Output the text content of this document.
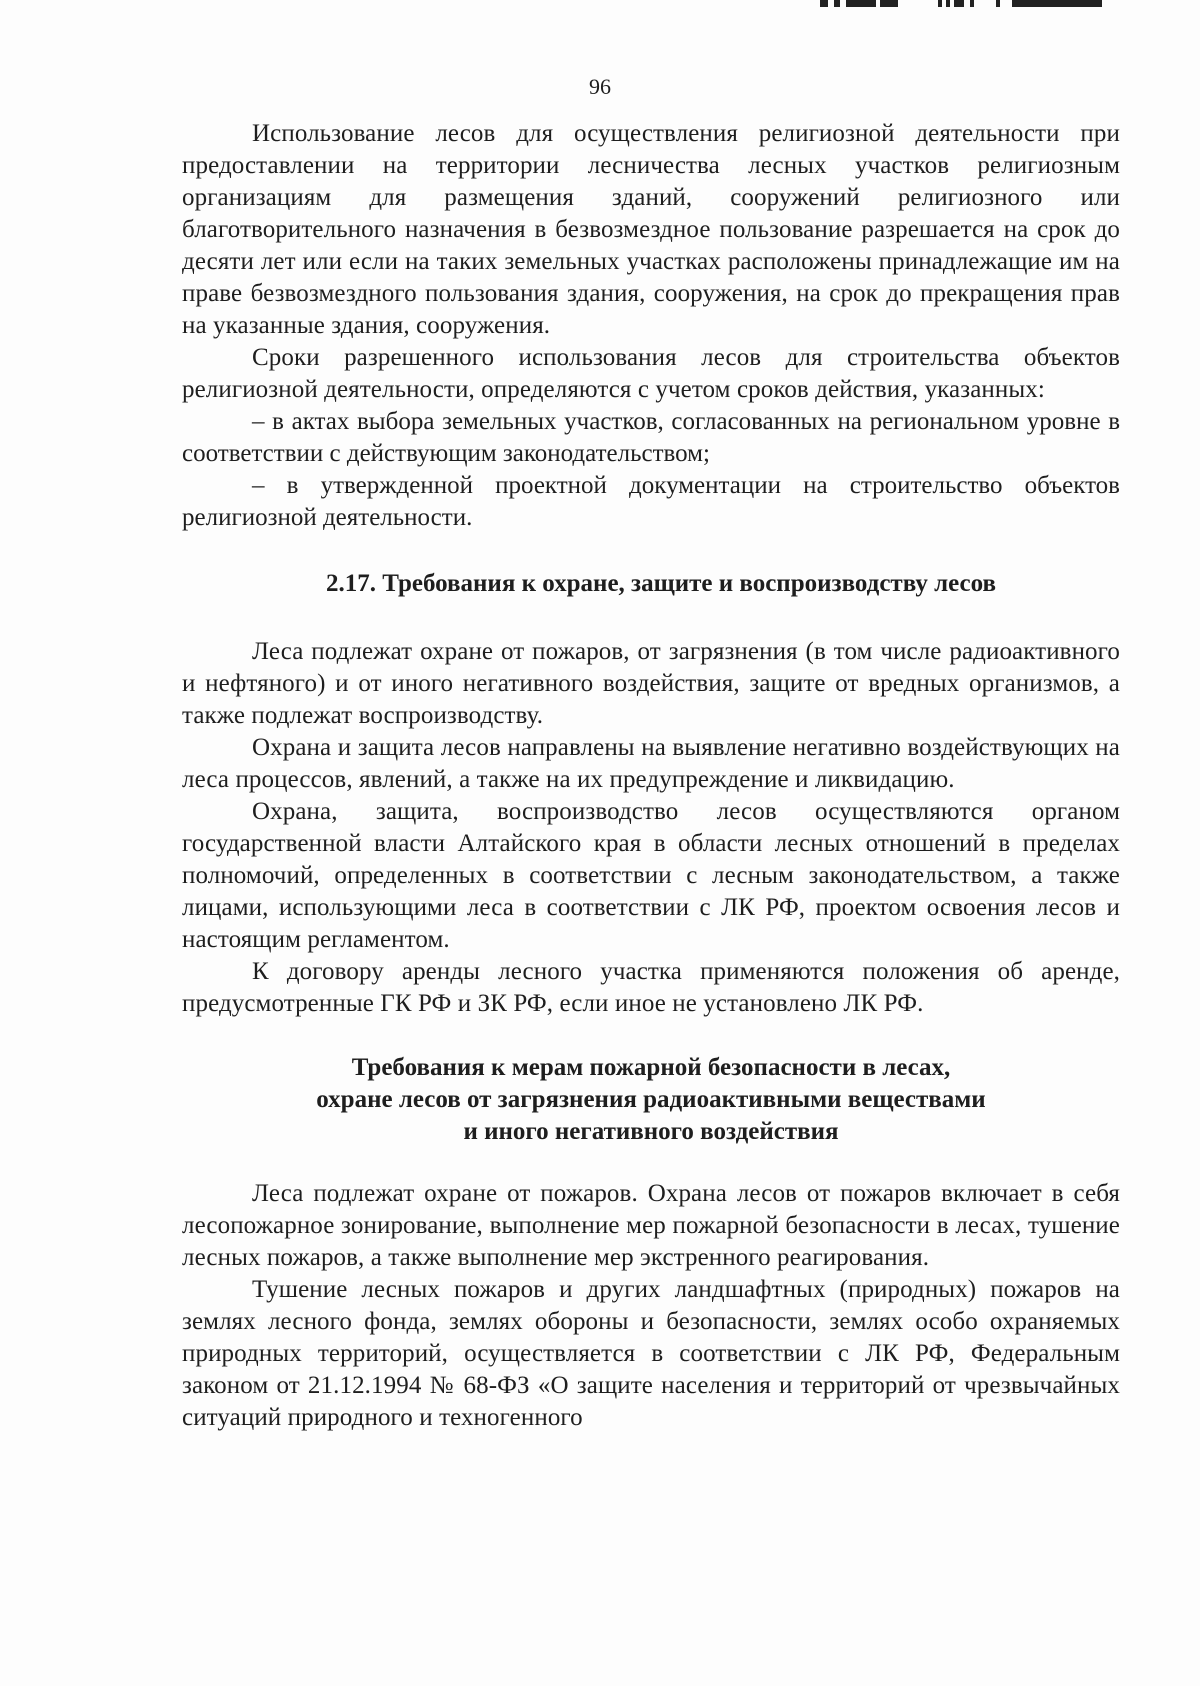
96

Использование лесов для осуществления религиозной деятельности при предоставлении на территории лесничества лесных участков религиозным организациям для размещения зданий, сооружений религиозного или благотворительного назначения в безвозмездное пользование разрешается на срок до десяти лет или если на таких земельных участках расположены принадлежащие им на праве безвозмездного пользования здания, сооружения, на срок до прекращения прав на указанные здания, сооружения.

Сроки разрешенного использования лесов для строительства объектов религиозной деятельности, определяются с учетом сроков действия, указанных:

– в актах выбора земельных участков, согласованных на региональном уровне в соответствии с действующим законодательством;

– в утвержденной проектной документации на строительство объектов религиозной деятельности.

2.17. Требования к охране, защите и воспроизводству лесов

Леса подлежат охране от пожаров, от загрязнения (в том числе радиоактивного и нефтяного) и от иного негативного воздействия, защите от вредных организмов, а также подлежат воспроизводству.

Охрана и защита лесов направлены на выявление негативно воздействующих на леса процессов, явлений, а также на их предупреждение и ликвидацию.

Охрана, защита, воспроизводство лесов осуществляются органом государственной власти Алтайского края в области лесных отношений в пределах полномочий, определенных в соответствии с лесным законодательством, а также лицами, использующими леса в соответствии с ЛК РФ, проектом освоения лесов и настоящим регламентом.

К договору аренды лесного участка применяются положения об аренде, предусмотренные ГК РФ и ЗК РФ, если иное не установлено ЛК РФ.

Требования к мерам пожарной безопасности в лесах,
охране лесов от загрязнения радиоактивными веществами
и иного негативного воздействия

Леса подлежат охране от пожаров. Охрана лесов от пожаров включает в себя лесопожарное зонирование, выполнение мер пожарной безопасности в лесах, тушение лесных пожаров, а также выполнение мер экстренного реагирования.

Тушение лесных пожаров и других ландшафтных (природных) пожаров на землях лесного фонда, землях обороны и безопасности, землях особо охраняемых природных территорий, осуществляется в соответствии с ЛК РФ, Федеральным законом от 21.12.1994 № 68-ФЗ «О защите населения и территорий от чрезвычайных ситуаций природного и техногенного
